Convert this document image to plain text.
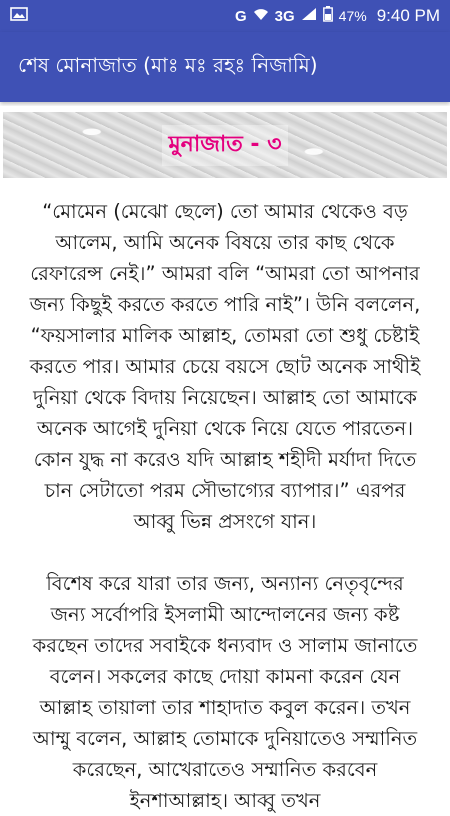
G 3G	47% 9:40 PM
শেষ মোনাজাত (মাঃ মঃ রহঃ নিজামি)
মুনাজাত - ৩

“মোমেন (মেঝো ছেলে) তো আমার থেকেও বড় আলেম, আমি অনেক বিষয়ে তার কাছ থেকে রেফারেন্স নেই।” আমরা বলি “আমরা তো আপনার জন্য কিছুই করতে করতে পারি নাই”। উনি বললেন, “ফয়সালার মালিক আল্লাহ, তোমরা তো শুধু চেষ্টাই করতে পার। আমার চেয়ে বয়সে ছোট অনেক সাথীই দুনিয়া থেকে বিদায় নিয়েছেন। আল্লাহ তো আমাকে অনেক আগেই দুনিয়া থেকে নিয়ে যেতে পারতেন। কোন যুদ্ধ না করেও যদি আল্লাহ শহীদী মর্যাদা দিতে চান সেটাতো পরম সৌভাগ্যের ব্যাপার।” এরপর আব্বু ভিন্ন প্রসংগে যান।

বিশেষ করে যারা তার জন্য, অন্যান্য নেতৃবৃন্দের জন্য সর্বোপরি ইসলামী আন্দোলনের জন্য কষ্ট করছেন তাদের সবাইকে ধন্যবাদ ও সালাম জানাতে বলেন। সকলের কাছে দোয়া কামনা করেন যেন আল্লাহ তায়ালা তার শাহাদাত কবুল করেন। তখন আম্মু বলেন, আল্লাহ তোমাকে দুনিয়াতেও সম্মানিত করেছেন, আখেরাতেও সম্মানিত করবেন ইনশাআল্লাহ। আব্বু তখন
